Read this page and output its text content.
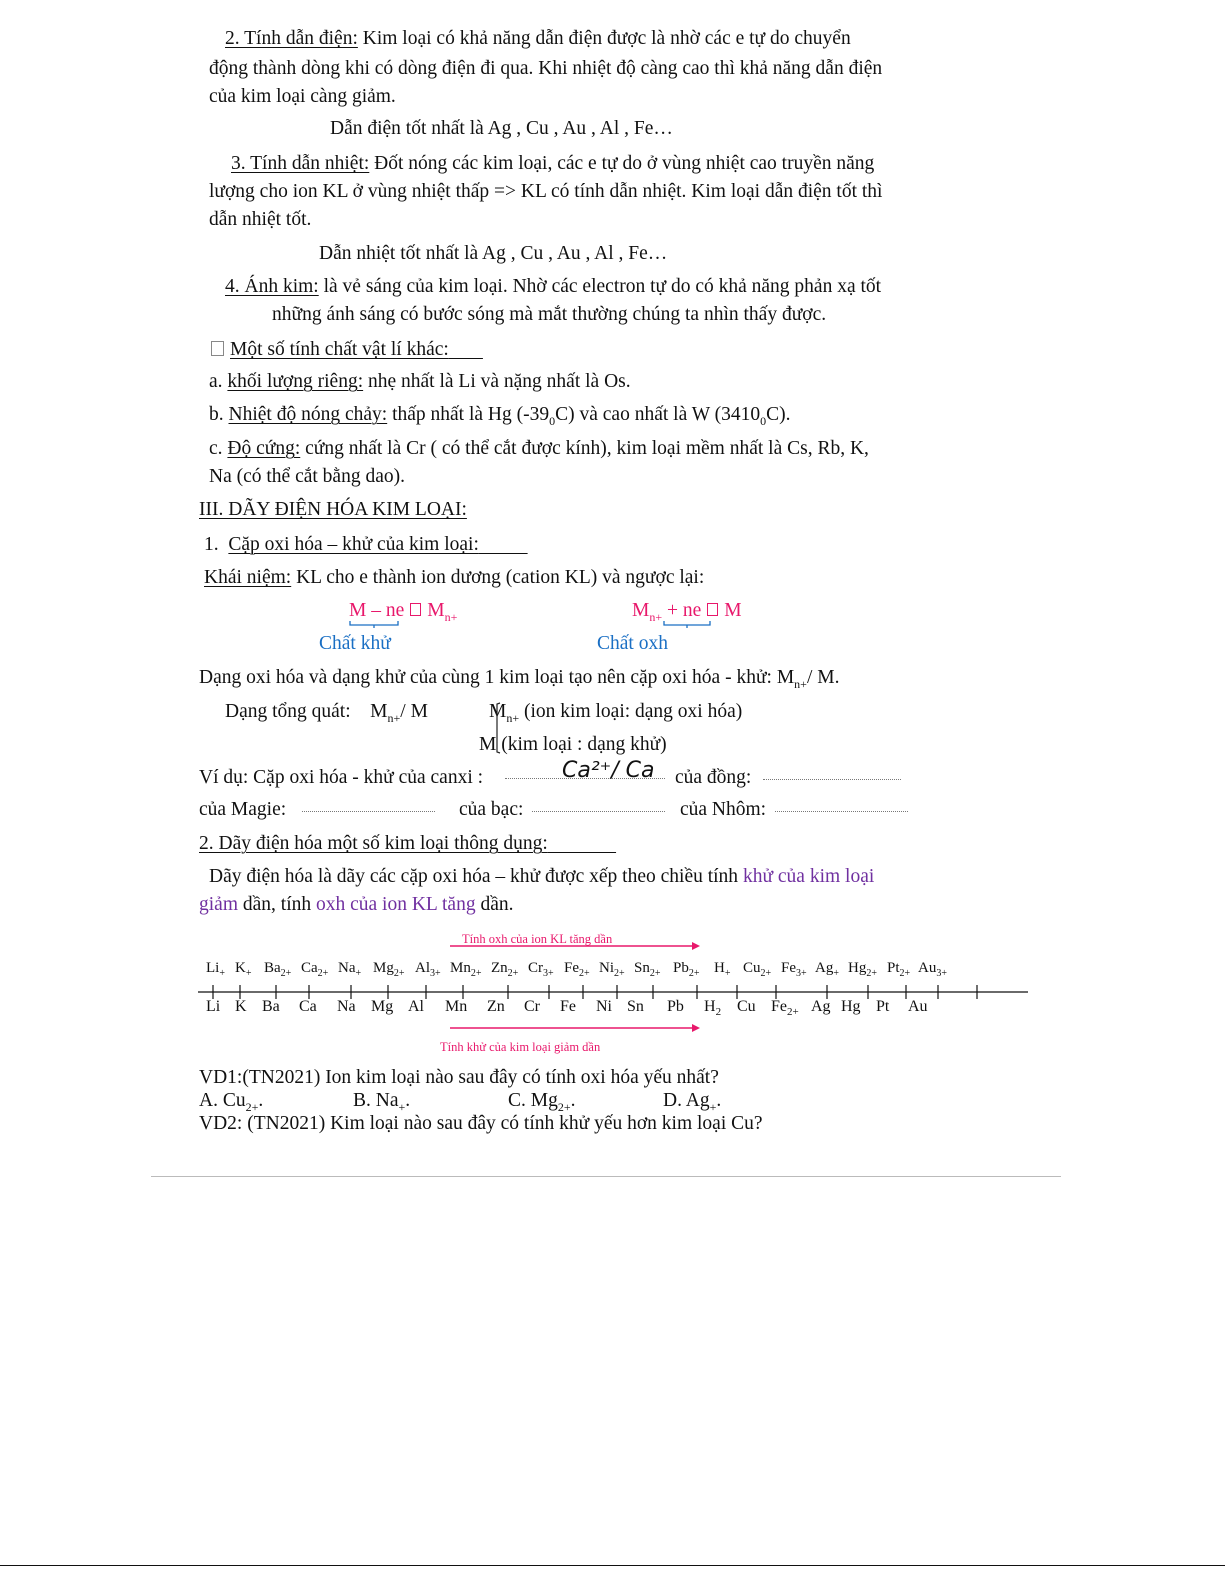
2. Tính dẫn điện: Kim loại có khả năng dẫn điện được là nhờ các e tự do chuyển
động thành dòng khi có dòng điện đi qua. Khi nhiệt độ càng cao thì khả năng dẫn điện
của kim loại càng giảm.
Dẫn điện tốt nhất là Ag , Cu , Au , Al , Fe…
3. Tính dẫn nhiệt: Đốt nóng các kim loại, các e tự do ở vùng nhiệt cao truyền năng
lượng cho ion KL ở vùng nhiệt thấp => KL có tính dẫn nhiệt. Kim loại dẫn điện tốt thì
dẫn nhiệt tốt.
Dẫn nhiệt tốt nhất là Ag , Cu , Au , Al , Fe…
4. Ánh kim: là vẻ sáng của kim loại. Nhờ các electron tự do có khả năng phản xạ tốt
những ánh sáng có bước sóng mà mắt thường chúng ta nhìn thấy được.
Một số tính chất vật lí khác:
a. khối lượng riêng: nhẹ nhất là Li và nặng nhất là Os.
b. Nhiệt độ nóng chảy: thấp nhất là Hg $(-39_0C)$ và cao nhất là W $(3410_0C)$.
c. Độ cứng: cứng nhất là Cr ( có thể cắt được kính), kim loại mềm nhất là Cs, Rb, K,
Na (có thể cắt bằng dao).
III. DÃY ĐIỆN HÓA KIM LOẠI:
1. Cặp oxi hóa – khử của kim loại:
Khái niệm: KL cho e thành ion dương (cation KL) và ngược lại:
M – ne $M_{n+}$
Chất khử
$M_{n+}$ + ne M
Chất oxh
Dạng oxi hóa và dạng khử của cùng 1 kim loại tạo nên cặp oxi hóa - khử: $M_{n+}/$ M.
Dạng tổng quát: $M_{n+}/$ M	$M_{n+}$ (ion kim loại: dạng oxi hóa)
M (kim loại : dạng khử)
Ví dụ: Cặp oxi hóa - khử của canxi :	Ca²⁺/ Ca của đồng:
của Magie:	của bạc:	của Nhôm:
2. Dãy điện hóa một số kim loại thông dụng:
Dãy điện hóa là dãy các cặp oxi hóa – khử được xếp theo chiều tính khử của kim loại
giảm dần, tính oxh của ion KL tăng dần.
Tính oxh của ion KL tăng dần
$Li_+$ $K_+$ $Ba_{2+}$ $Ca_{2+}$ $Na_+$ $Mg_{2+}$ $Al_{3+}$ $Mn_{2+}$ $Zn_{2+}$ $Cr_{3+}$ $Fe_{2+}$ $Ni_{2+}$ $Sn_{2+}$ $Pb_{2+}$ $H_+$ $Cu_{2+}$ $Fe_{3+}$ $Ag_+$ $Hg_{2+}$ $Pt_{2+}$ $Au_{3+}$
Li K Ba Ca Na Mg Al Mn Zn Cr Fe Ni Sn Pb $H_2$ Cu $Fe_{2+}$ Ag Hg Pt Au
Tính khử của kim loại giảm dần
VD1:(TN2021) Ion kim loại nào sau đây có tính oxi hóa yếu nhất?
A. $Cu_{2+}$.	B. $Na_+$.	C. $Mg_{2+}$.	D. $Ag_+$.
VD2: (TN2021) Kim loại nào sau đây có tính khử yếu hơn kim loại Cu?
